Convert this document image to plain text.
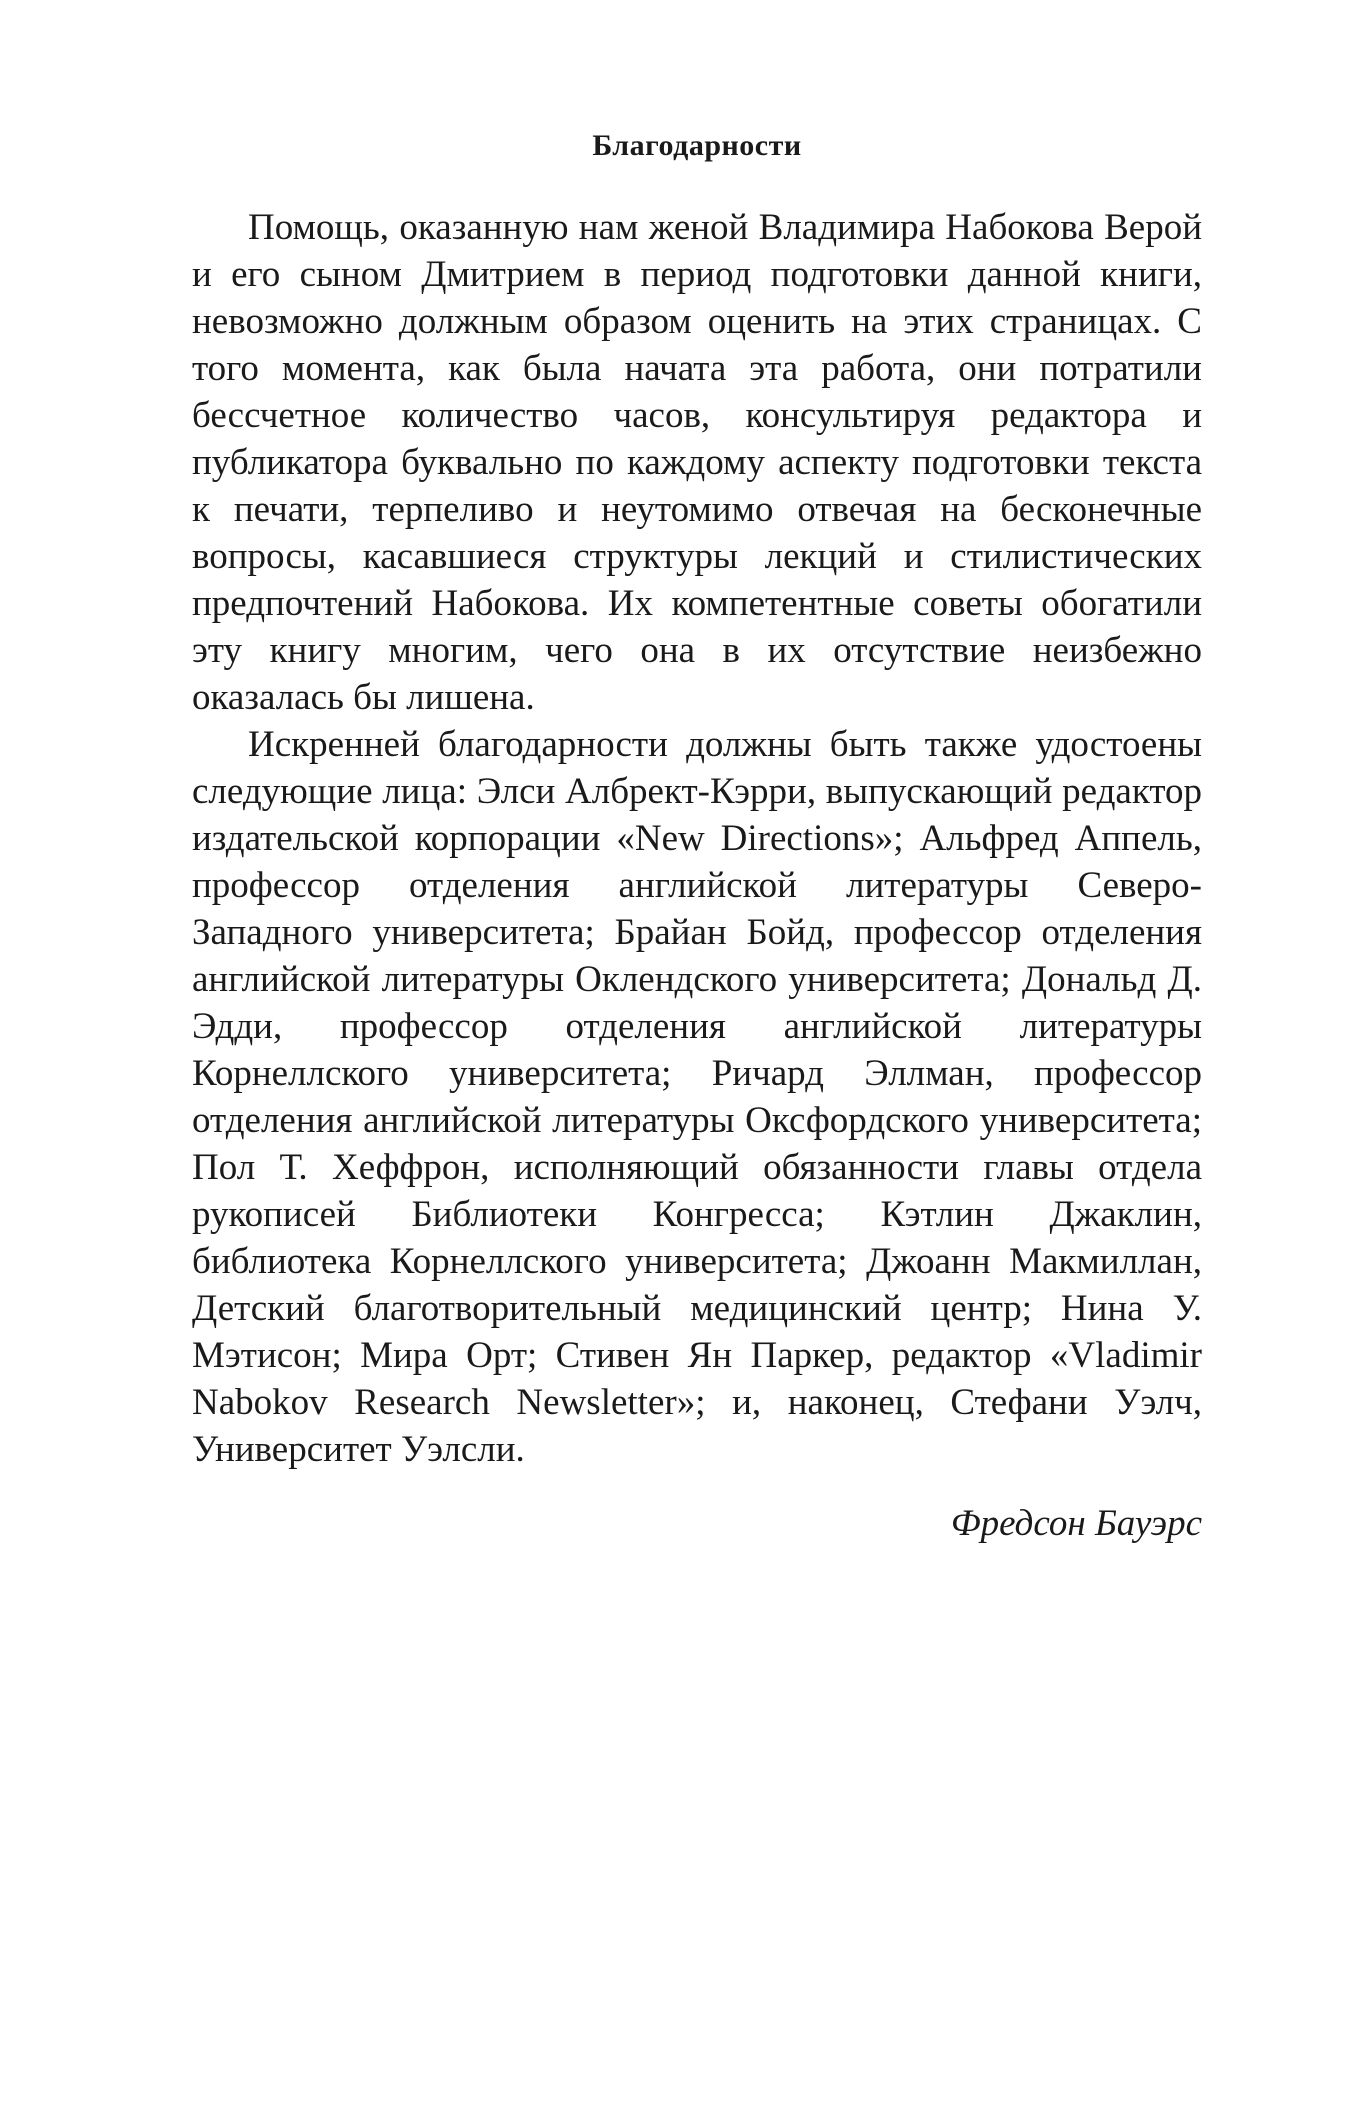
Благодарности

Помощь, оказанную нам женой Владимира Набокова Верой и его сыном Дмитрием в период подготовки данной книги, невозможно должным образом оценить на этих страницах. С того момента, как была начата эта работа, они потратили бессчетное количество часов, консультируя редактора и публикатора буквально по каждому аспекту подготовки текста к печати, терпеливо и неутомимо отвечая на бесконечные вопросы, касавшиеся структуры лекций и стилистических предпочтений Набокова. Их компетентные советы обогатили эту книгу многим, чего она в их отсутствие неизбежно оказалась бы лишена.

Искренней благодарности должны быть также удостоены следующие лица: Элси Албрект-Кэрри, выпускающий редактор издательской корпорации «New Directions»; Альфред Аппель, профессор отделения английской литературы Северо-Западного университета; Брайан Бойд, профессор отделения английской литературы Оклендского университета; Дональд Д. Эдди, профессор отделения английской литературы Корнеллского университета; Ричард Эллман, профессор отделения английской литературы Оксфордского университета; Пол Т. Хеффрон, исполняющий обязанности главы отдела рукописей Библиотеки Конгресса; Кэтлин Джаклин, библиотека Корнеллского университета; Джоанн Макмиллан, Детский благотворительный медицинский центр; Нина У. Мэтисон; Мира Орт; Стивен Ян Паркер, редактор «Vladimir Nabokov Research Newsletter»; и, наконец, Стефани Уэлч, Университет Уэлсли.

Фредсон Бауэрс
